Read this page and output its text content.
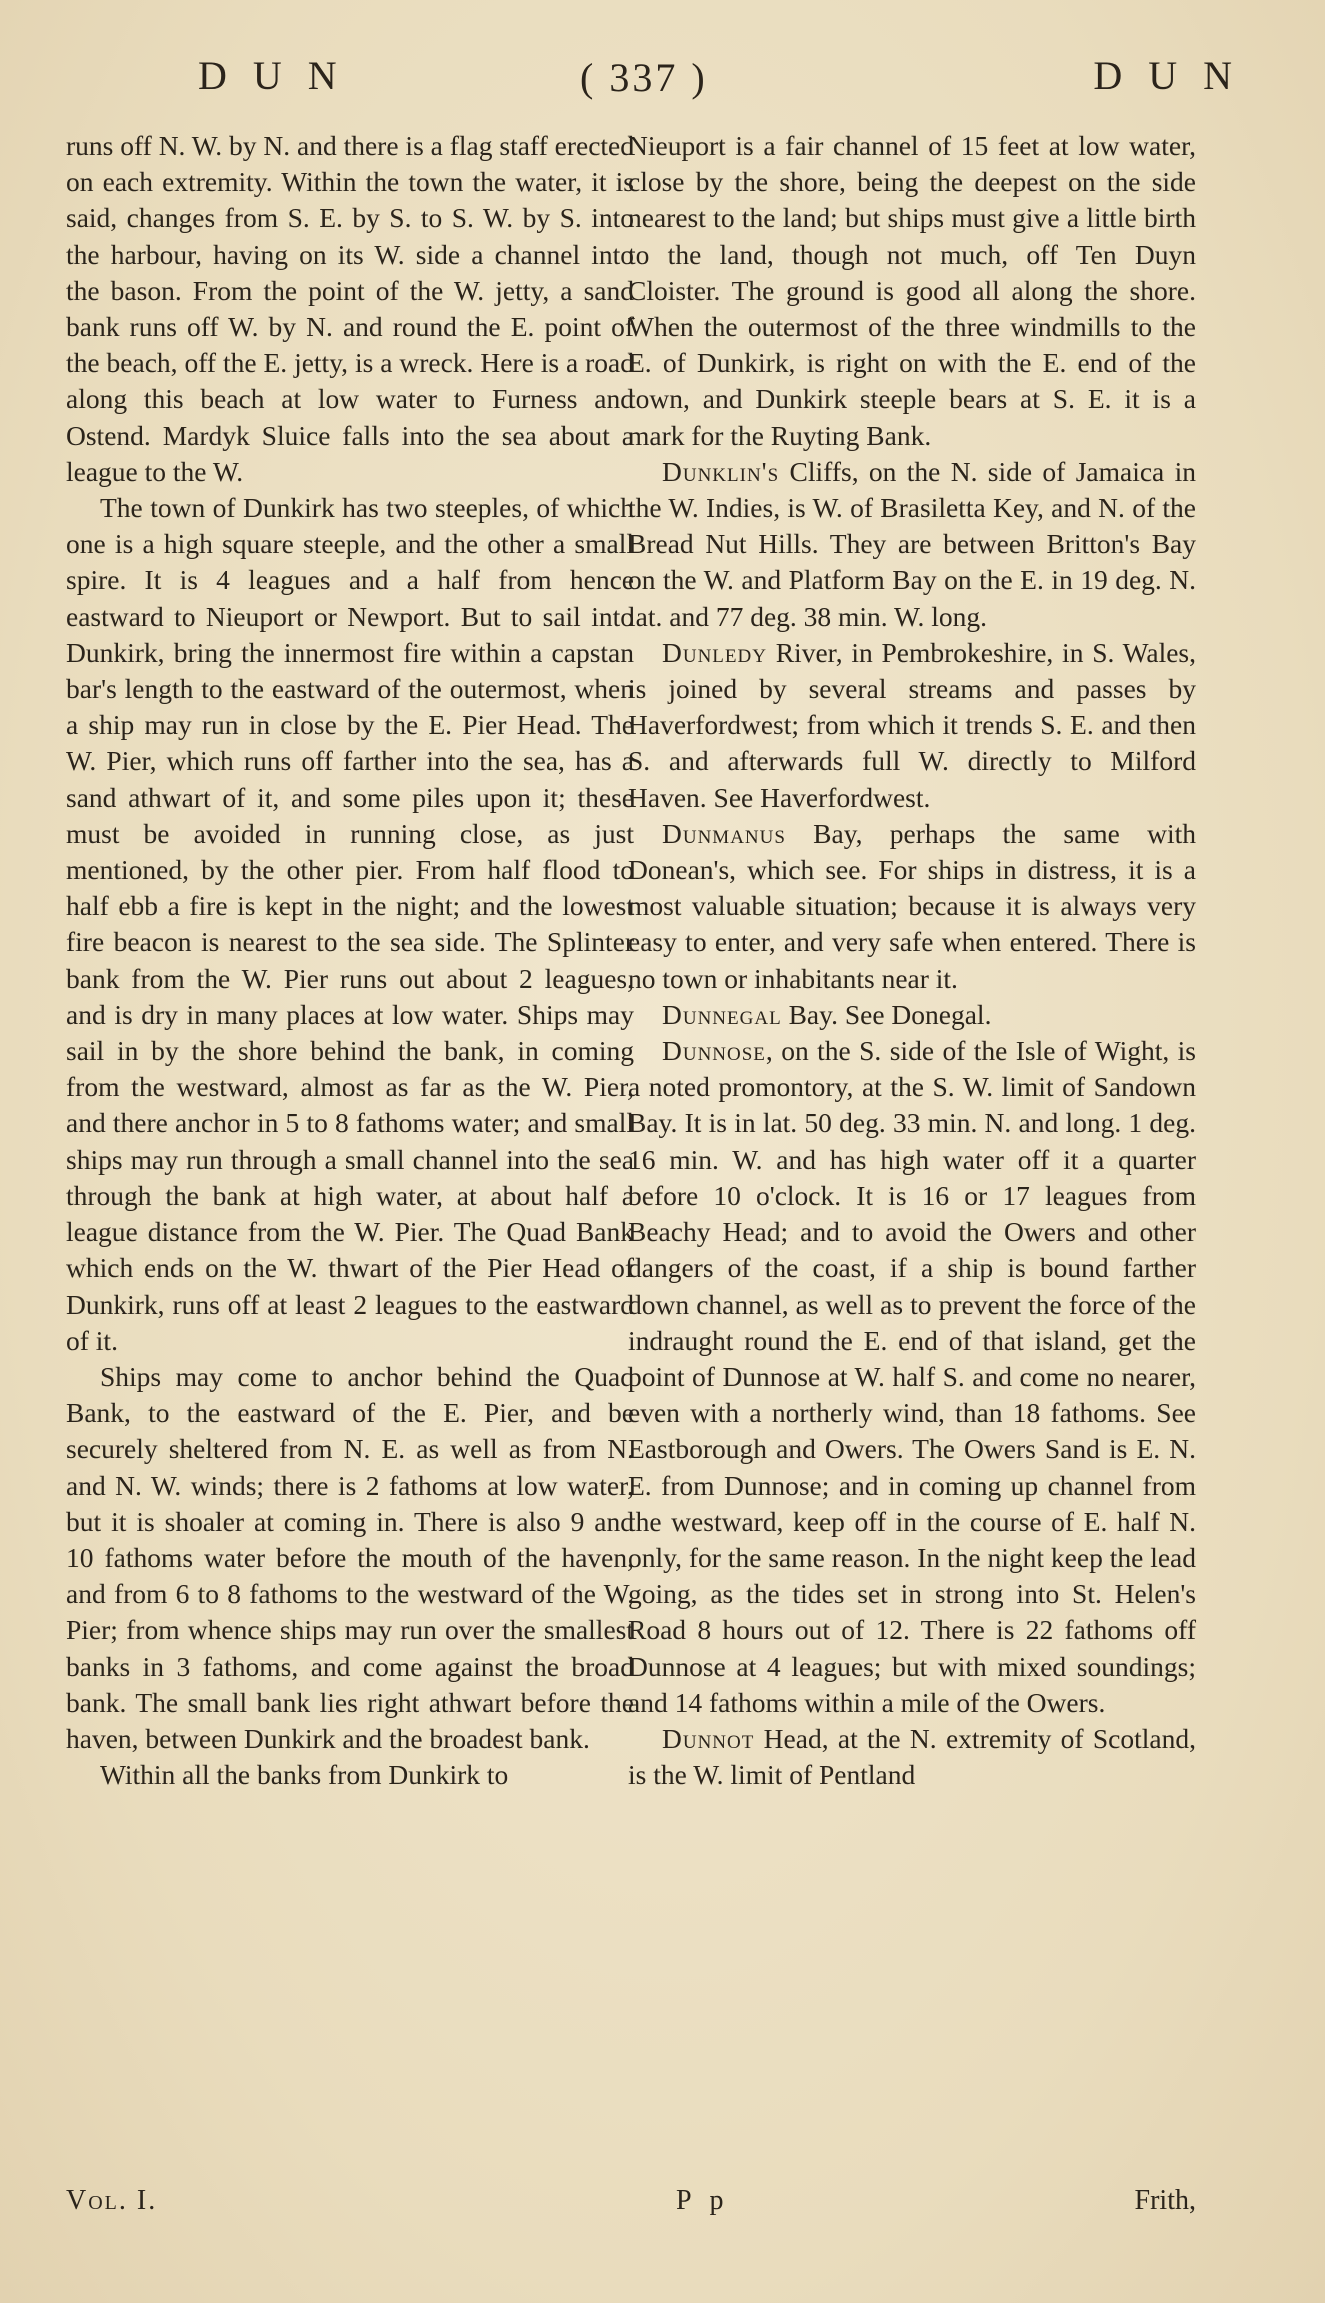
D U N	( 337 )	D U N

runs off N. W. by N. and there is a flag staff erected on each extremity. Within the town the water, it is said, changes from S. E. by S. to S. W. by S. into the harbour, having on its W. side a channel into the bason. From the point of the W. jetty, a sand bank runs off W. by N. and round the E. point of the beach, off the E. jetty, is a wreck. Here is a road along this beach at low water to Furness and Ostend. Mardyk Sluice falls into the sea about a league to the W.

The town of Dunkirk has two steeples, of which one is a high square steeple, and the other a small spire. It is 4 leagues and a half from hence eastward to Nieuport or Newport. But to sail into Dunkirk, bring the innermost fire within a capstan bar's length to the eastward of the outermost, when a ship may run in close by the E. Pier Head. The W. Pier, which runs off farther into the sea, has a sand athwart of it, and some piles upon it; these must be avoided in running close, as just mentioned, by the other pier. From half flood to half ebb a fire is kept in the night; and the lowest fire beacon is nearest to the sea side. The Splinter bank from the W. Pier runs out about 2 leagues, and is dry in many places at low water. Ships may sail in by the shore behind the bank, in coming from the westward, almost as far as the W. Pier, and there anchor in 5 to 8 fathoms water; and small ships may run through a small channel into the sea through the bank at high water, at about half a league distance from the W. Pier. The Quad Bank which ends on the W. thwart of the Pier Head of Dunkirk, runs off at least 2 leagues to the eastward of it.

Ships may come to anchor behind the Quad Bank, to the eastward of the E. Pier, and be securely sheltered from N. E. as well as from N. and N. W. winds; there is 2 fathoms at low water, but it is shoaler at coming in. There is also 9 and 10 fathoms water before the mouth of the haven, and from 6 to 8 fathoms to the westward of the W. Pier; from whence ships may run over the smallest banks in 3 fathoms, and come against the broad bank. The small bank lies right athwart before the haven, between Dunkirk and the broadest bank.

Within all the banks from Dunkirk to

Nieuport is a fair channel of 15 feet at low water, close by the shore, being the deepest on the side nearest to the land; but ships must give a little birth to the land, though not much, off Ten Duyn Cloister. The ground is good all along the shore. When the outermost of the three windmills to the E. of Dunkirk, is right on with the E. end of the town, and Dunkirk steeple bears at S. E. it is a mark for the Ruyting Bank.

Dunklin's Cliffs, on the N. side of Jamaica in the W. Indies, is W. of Brasiletta Key, and N. of the Bread Nut Hills. They are between Britton's Bay on the W. and Platform Bay on the E. in 19 deg. N. lat. and 77 deg. 38 min. W. long.

Dunledy River, in Pembrokeshire, in S. Wales, is joined by several streams and passes by Haverfordwest; from which it trends S. E. and then S. and afterwards full W. directly to Milford Haven. See Haverfordwest.

Dunmanus Bay, perhaps the same with Donean's, which see. For ships in distress, it is a most valuable situation; because it is always very easy to enter, and very safe when entered. There is no town or inhabitants near it.

Dunnegal Bay. See Donegal.

Dunnose, on the S. side of the Isle of Wight, is a noted promontory, at the S. W. limit of Sandown Bay. It is in lat. 50 deg. 33 min. N. and long. 1 deg. 16 min. W. and has high water off it a quarter before 10 o'clock. It is 16 or 17 leagues from Beachy Head; and to avoid the Owers and other dangers of the coast, if a ship is bound farther down channel, as well as to prevent the force of the indraught round the E. end of that island, get the point of Dunnose at W. half S. and come no nearer, even with a northerly wind, than 18 fathoms. See Eastborough and Owers. The Owers Sand is E. N. E. from Dunnose; and in coming up channel from the westward, keep off in the course of E. half N. only, for the same reason. In the night keep the lead going, as the tides set in strong into St. Helen's Road 8 hours out of 12. There is 22 fathoms off Dunnose at 4 leagues; but with mixed soundings; and 14 fathoms within a mile of the Owers.

Dunnot Head, at the N. extremity of Scotland, is the W. limit of Pentland

Vol. I.	P p	Frith,
